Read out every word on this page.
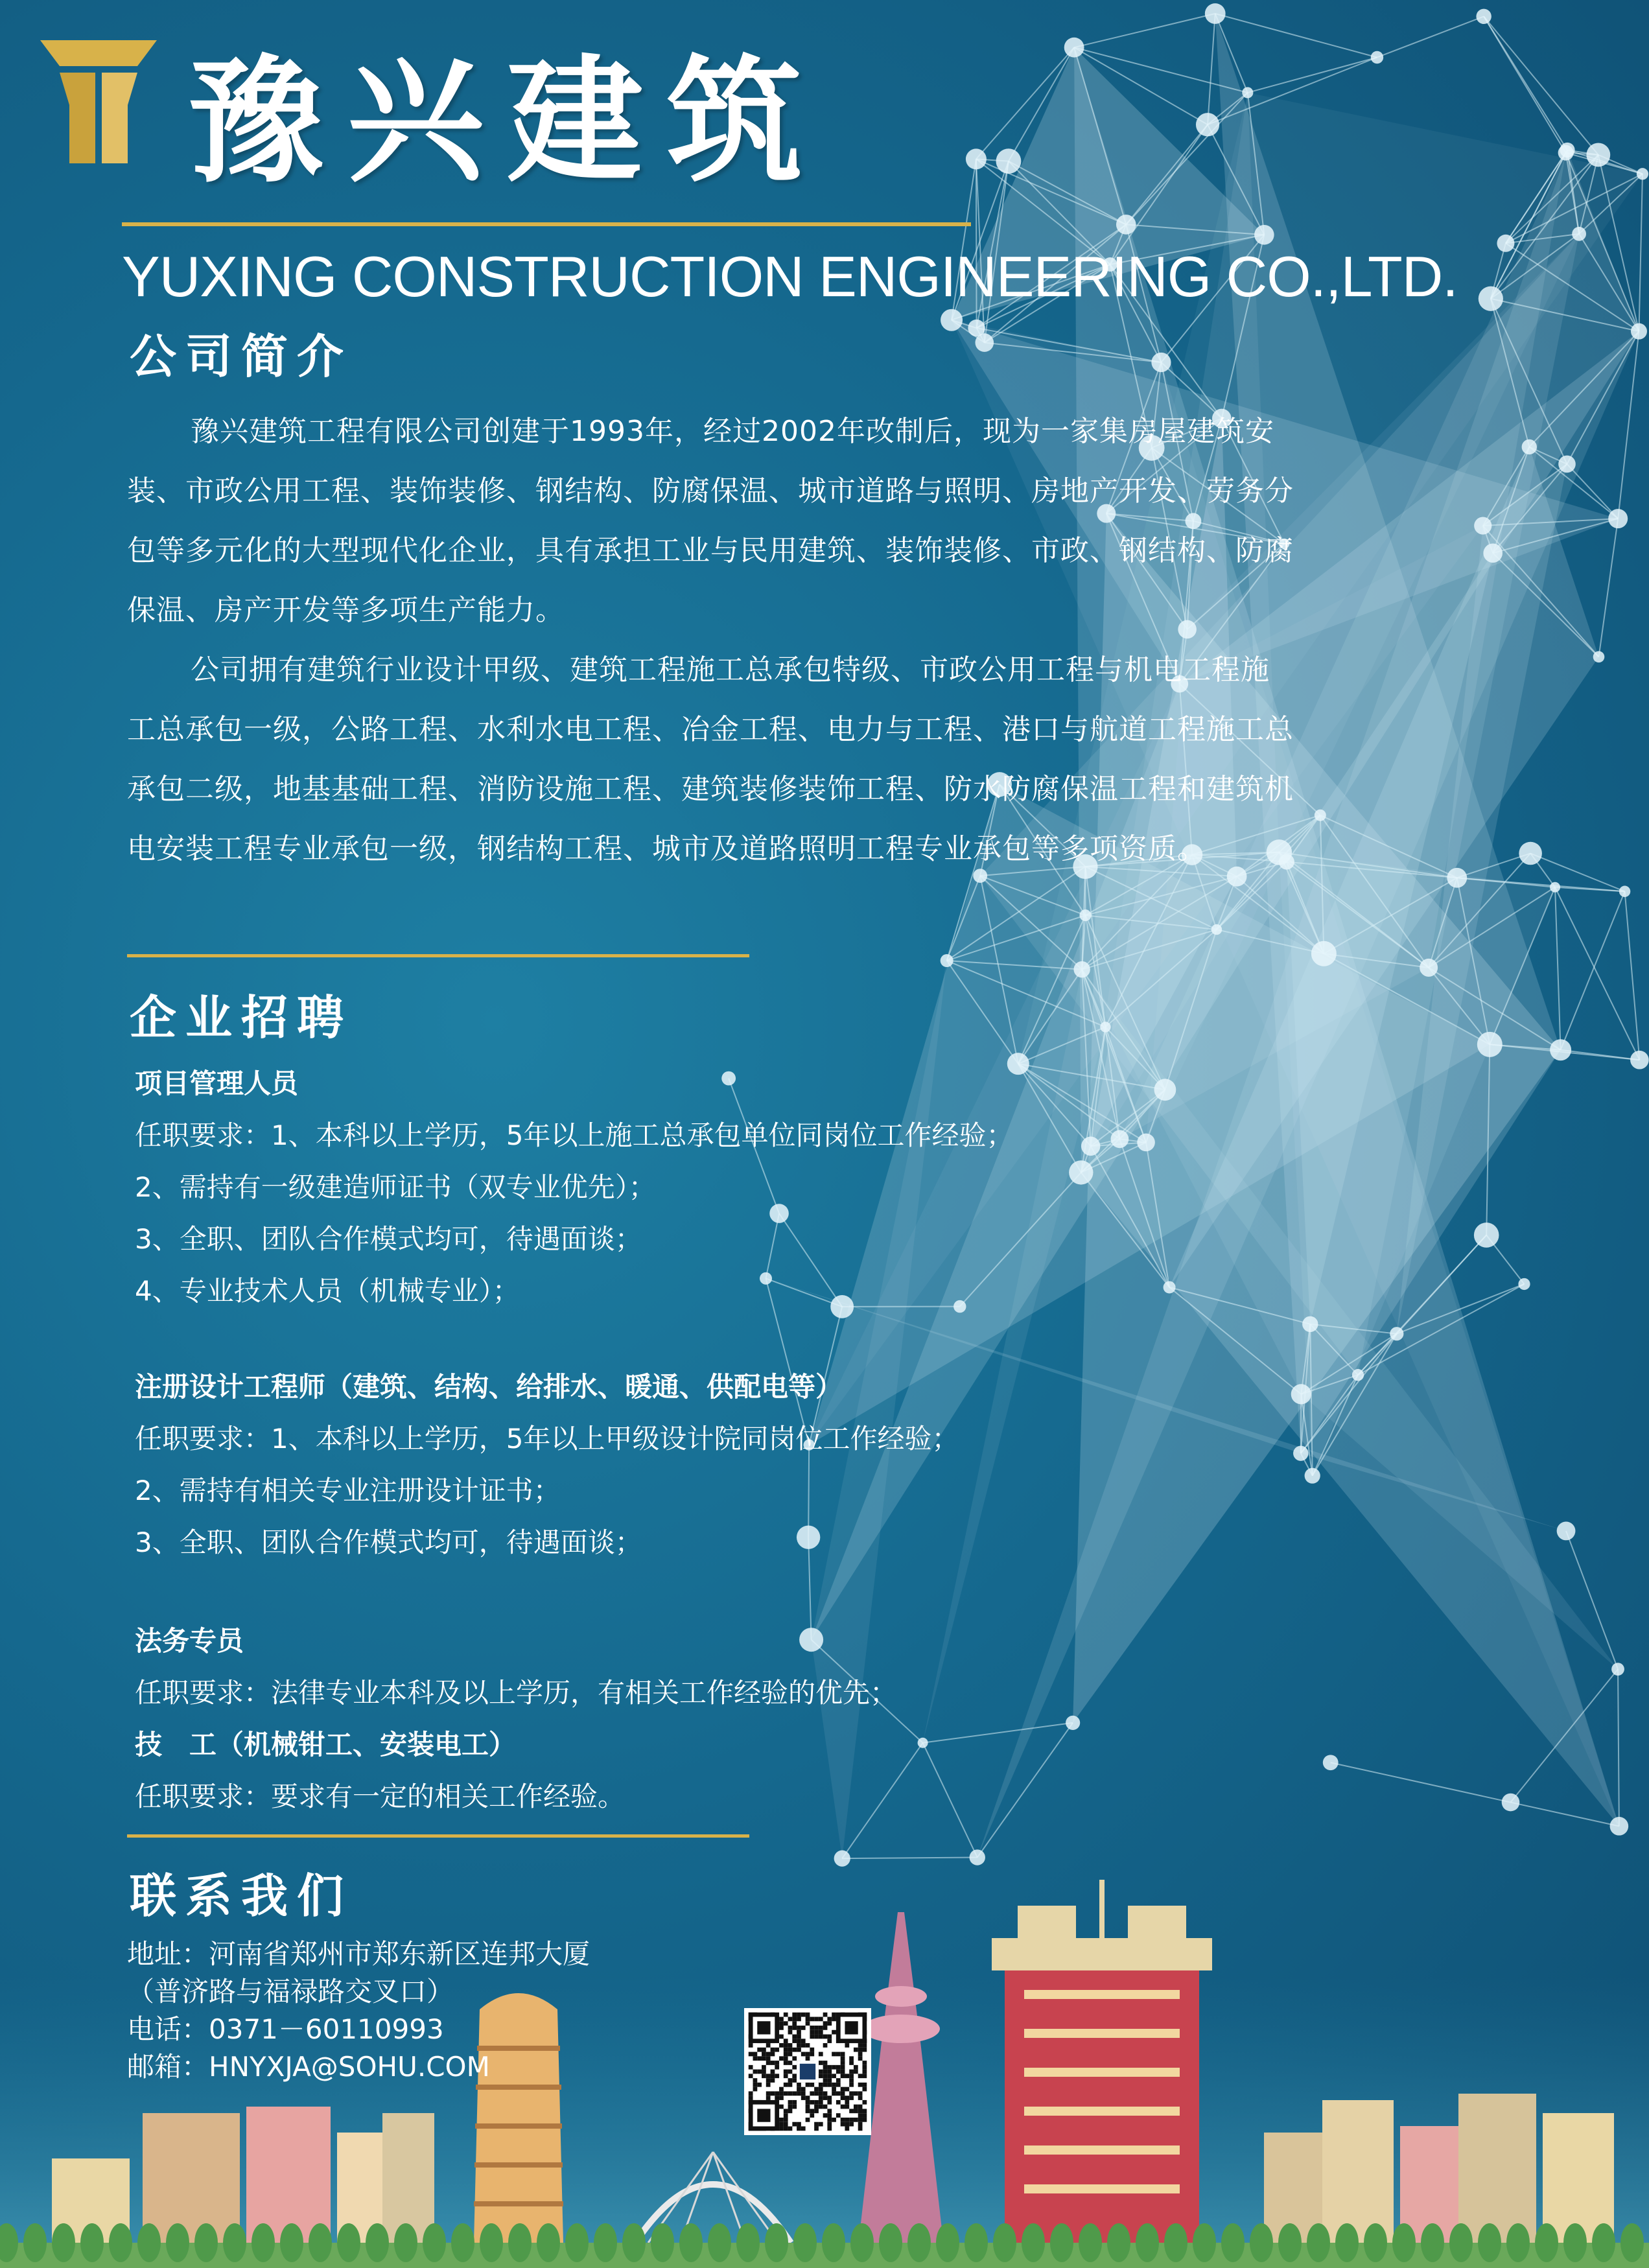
豫兴建筑
YUXING CONSTRUCTION ENGINEERING CO.,LTD.
公司简介

豫兴建筑工程有限公司创建于1993年，经过2002年改制后，现为一家集房屋建筑安装、市政公用工程、装饰装修、钢结构、防腐保温、城市道路与照明、房地产开发、劳务分包等多元化的大型现代化企业，具有承担工业与民用建筑、装饰装修、市政、钢结构、防腐保温、房产开发等多项生产能力。

公司拥有建筑行业设计甲级、建筑工程施工总承包特级、市政公用工程与机电工程施工总承包一级，公路工程、水利水电工程、冶金工程、电力与工程、港口与航道工程施工总承包二级，地基基础工程、消防设施工程、建筑装修装饰工程、防水防腐保温工程和建筑机电安装工程专业承包一级，钢结构工程、城市及道路照明工程专业承包等多项资质。

企业招聘
项目管理人员
任职要求：1、本科以上学历，5年以上施工总承包单位同岗位工作经验；
2、需持有一级建造师证书（双专业优先）；
3、全职、团队合作模式均可，待遇面谈；
4、专业技术人员（机械专业）；
注册设计工程师（建筑、结构、给排水、暖通、供配电等）
任职要求：1、本科以上学历，5年以上甲级设计院同岗位工作经验；
2、需持有相关专业注册设计证书；
3、全职、团队合作模式均可，待遇面谈；
法务专员
任职要求：法律专业本科及以上学历，有相关工作经验的优先；
技　工（机械钳工、安装电工）
任职要求：要求有一定的相关工作经验。
联系我们
地址：河南省郑州市郑东新区连邦大厦
（普济路与福禄路交叉口）
电话：0371－60110993
邮箱：HNYXJA@SOHU.COM
